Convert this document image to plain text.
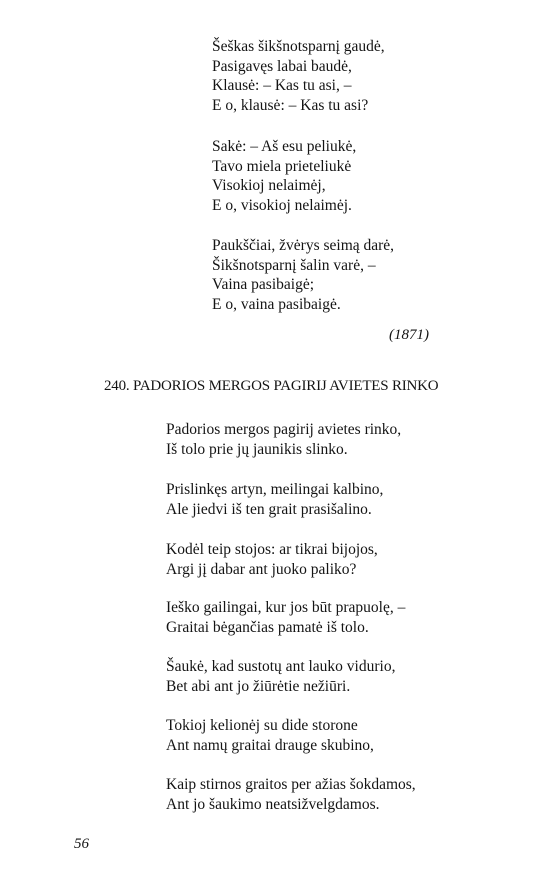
Šeškas šikšnotsparnį gaudė,
Pasigavęs labai baudė,
Klausė: – Kas tu asi, –
E o, klausė: – Kas tu asi?
Sakė: – Aš esu peliukė,
Tavo miela prieteliukė
Visokioj nelaimėj,
E o, visokioj nelaimėj.
Paukščiai, žvėrys seimą darė,
Šikšnotsparnį šalin varė, –
Vaina pasibaigė;
E o, vaina pasibaigė.
(1871)
240. PADORIOS MERGOS PAGIRIJ AVIETES RINKO
Padorios mergos pagirij avietes rinko,
Iš tolo prie jų jaunikis slinko.
Prislinkęs artyn, meilingai kalbino,
Ale jiedvi iš ten grait prasišalino.
Kodėl teip stojos: ar tikrai bijojos,
Argi jį dabar ant juoko paliko?
Ieško gailingai, kur jos būt prapuolę, –
Graitai bėgančias pamatė iš tolo.
Šaukė, kad sustotų ant lauko vidurio,
Bet abi ant jo žiūrėtie nežiūri.
Tokioj kelionėj su dide storone
Ant namų graitai drauge skubino,
Kaip stirnos graitos per ažias šokdamos,
Ant jo šaukimo neatsižvelgdamos.
56
